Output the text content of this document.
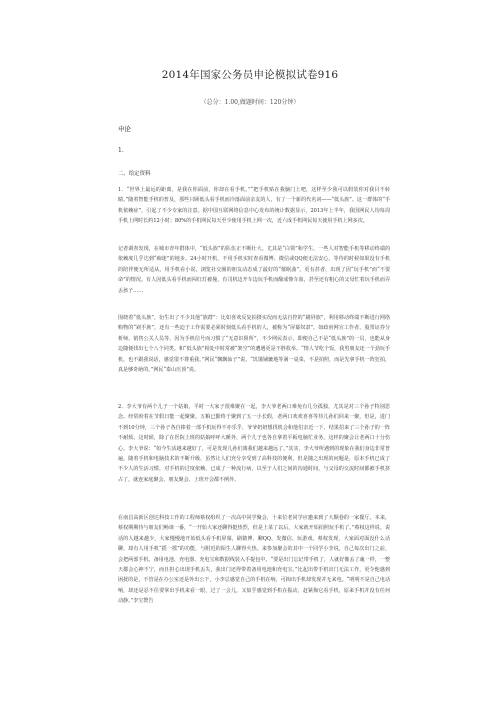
2014年国家公务员申论模拟试卷916
（总分：1.00,做题时间：120分钟）
申论
1.
二、给定资料
1．“世界上最远的距离，是我在你面前，你却在看手机。”“把手机贴在我脑门上吧，这样至少我可以假装你对我目不转睛。”随着智能手机的普及，那些只顾低头看手机而冷落面前亲友的人，有了一个新的代名词——“低头族”。这一群体的“手机依赖症”，引起了不少专家的注意。据中国互联网络信息中心发布的统计数据显示，2013年上半年，我国网民人均每周手机上网时长约12小时；80%的手机网民每天至少使用手机上网一次，近六成手机网民每天使用手机上网多次。
记者调查发现，在城市青年群体中，“低头族”的队伍正不断壮大。尤其是“白领”和学生，一些人对智能手机等移动终端的依赖度几乎达到“痴迷”的地步。24小时开机，不用手机实时查看微博、微信或QQ便无法安心，等待的时候如果没有手机的陪伴便无所适从，用手机看小说、浏览社交圈的朋友动态成了最好的“催眠曲”，更有甚者，出现了因“玩手机”而“不要命”的情况。有人因低头看手机而闯红灯被撞，有司机边开车边玩手机而酿成惨车血，甚至还有粗心的父母忙着玩手机而弄丢孩子……
围绕着“低头族”，衍生出了不少其他“族群”：比如喜欢反复拍摄实况而无法自控的“刷屏族”，利用移动终端不断进行网络购物的“剁手族”，还有一些迫于工作需要必须时刻低头看手机的人，被称为“屏幕奴隶”。如政府网宣工作者、股票证券分析师、销售公关人员等，因为手机信号而习惯了“无意识阻所”，不少网民表示，即便自己不是“低头族”的一员，也能从身边随便找出七个八个同类。和“低头族”相处中时常被“架空”的遭遇更是不胜枚举。“情人节吃个饭，我男朋友还一个劲玩手机，也不跟我说话，感觉很不尊重我。”网民“飘飘仙子”说。“饥饿铺辘地等满一桌菜，不是拍照，而是先拿手机一阵狂拍，真是够奇葩的。”网民“泰山压顶”说。
2．李大爷有两个儿子一个姑娘，平时一大家子很难聚在一起，李大爷老两口难免有几分孤独，尤其是对三个孙子特别思念。经常盼着在节假日能一起聚聚。五粮已勤终于聚到了五一小长假，老两口欢欢喜喜等待儿孙们回来一聚，但是，进门不到10分钟，三个孙子各自捧着一部手机玩得不亦乐乎，爷爷奶奶想找机会和他们亲近一下，结果招来了三个孙子的一阵不耐烦。这时候，除了在医院上班的姑娘呼呼大睡外，两个儿子也各自拿着平板电脑忙业务。这样的聚会让老两口十分伤心。李大爷说：“如今生活越来越好了，可是发现儿孙们离我们越来越远了。”其实，李大爷所遇到的现象在我们身边非常普遍。随着手机和电脑技术的不断升级，虽然让人们充分享受到了高科技的便利，但是随之出现的问题是，原本手机已成了不少人的生活习惯，对手机的过度依赖，已成了一种流行病，以至于人们之间的沟通时间，与父母的交流时间都被手机挤占了，就连家庭聚会、朋友聚会、上班开会都不例外。
在南昌高新区创达科技工作的工程师蔡权组织了一次高中同学聚会，十来位老同学应邀来到了大顺巷的一家餐厅。本来，蔡权期期待与朋友们畅谈一番，“一开始大家还聊得挺热烈，但是上菜了以后，大家就开始拍照玩手机了。”蔡权这样说。说话的人越来越少，大家慢慢地开始低头看手机屏幕，刷微博、聊QQ、发微信、玩游戏。蔡权发现，大家面对面没什么话聊，却有人用手机“摇一摇”的功能，与附近的陌生人聊得火热。来参加聚会的其中一个同学小李说，自己每次出门之前，会把两部手机、备用电池、充电器、充电宝和数据线装入手提包中。“要是出门忘记带手机了，人就好像丢了魂一样，一整天都会心神不宁，而且担心出现手机丢失，我出门还得带着备用电池和充电宝。”比起出带手机出门无法工作，更令他感到困扰的是，不管是在办公室还是外出公干，小李总感觉自己的手机在响，可掏出手机却发现并无来电。“明明不是自己电话响，却还是忍不住要掌出手机来看一眼，过了一会儿，又似乎感觉到手机在振动，赶紧掏它看手机，原来手机并没有任何动静。”李宝赞告
